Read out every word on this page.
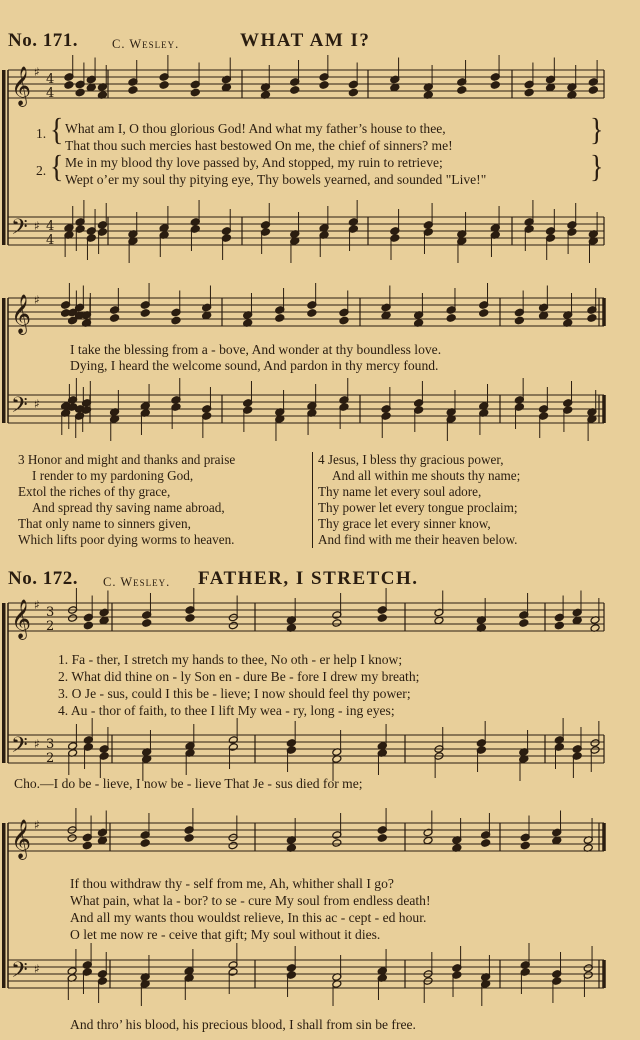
No. 171.	C. Wesley.	WHAT AM I?
𝄞
𝄢
♯
♯
4
4
4
4
𝄞
𝄢
♯
♯
𝄞
𝄢
♯
♯
3
2
3
2
𝄞
𝄢
♯
♯
1. { What am I, O thou glorious God! And what my father’s house to thee,
That thou such mercies hast bestowed On me, the chief of sinners? me!	}
2. { Me in my blood thy love passed by, And stopped, my ruin to retrieve;
Wept o’er my soul thy pitying eye, Thy bowels yearned, and sounded "Live!"	}
I take the blessing from a - bove, And wonder at thy boundless love.
Dying, I heard the welcome sound, And pardon in thy mercy found.
3 Honor and might and thanks and praise
I render to my pardoning God,
Extol the riches of thy grace,
And spread thy saving name abroad,
That only name to sinners given,
Which lifts poor dying worms to heaven.
4 Jesus, I bless thy gracious power,
And all within me shouts thy name;
Thy name let every soul adore,
Thy power let every tongue proclaim;
Thy grace let every sinner know,
And find with me their heaven below.
No. 172. C. Wesley. FATHER, I STRETCH.
1. Fa - ther, I stretch my hands to thee, No oth - er help I know;
2. What did thine on - ly Son en - dure Be - fore I drew my breath;
3. O Je - sus, could I this be - lieve; I now should feel thy power;
4. Au - thor of faith, to thee I lift My wea - ry, long - ing eyes;
Cho.—I do be - lieve, I now be - lieve That Je - sus died for me;
If thou withdraw thy - self from me, Ah, whither shall I go?
What pain, what la - bor? to se - cure My soul from endless death!
And all my wants thou wouldst relieve, In this ac - cept - ed hour.
O let me now re - ceive that gift; My soul without it dies.
And thro’ his blood, his precious blood, I shall from sin be free.
